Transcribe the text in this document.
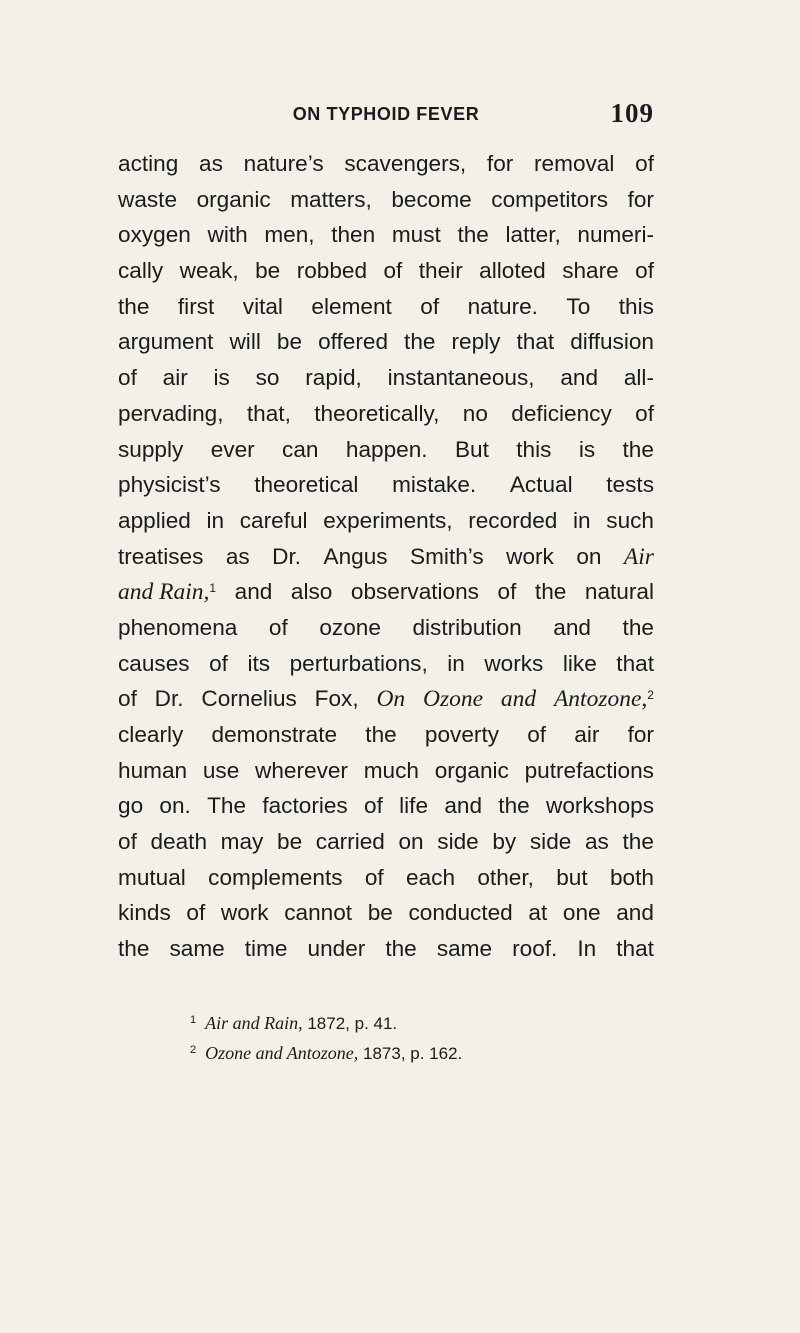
ON TYPHOID FEVER	109
acting as nature’s scavengers, for removal of
waste organic matters, become competitors for
oxygen with men, then must the latter, numeri-
cally weak, be robbed of their alloted share of
the first vital element of nature. To this
argument will be offered the reply that diffusion
of air is so rapid, instantaneous, and all-
pervading, that, theoretically, no deficiency of
supply ever can happen. But this is the
physicist’s theoretical mistake. Actual tests
applied in careful experiments, recorded in such
treatises as Dr. Angus Smith’s work on Air
and Rain,$^1$ and also observations of the natural
phenomena of ozone distribution and the
causes of its perturbations, in works like that
of Dr. Cornelius Fox, On Ozone and Antozone,$^2$
clearly demonstrate the poverty of air for
human use wherever much organic putrefactions
go on. The factories of life and the workshops
of death may be carried on side by side as the
mutual complements of each other, but both
kinds of work cannot be conducted at one and
the same time under the same roof. In that
$^1$ Air and Rain, 1872, p. 41.
$^2$ Ozone and Antozone, 1873, p. 162.
